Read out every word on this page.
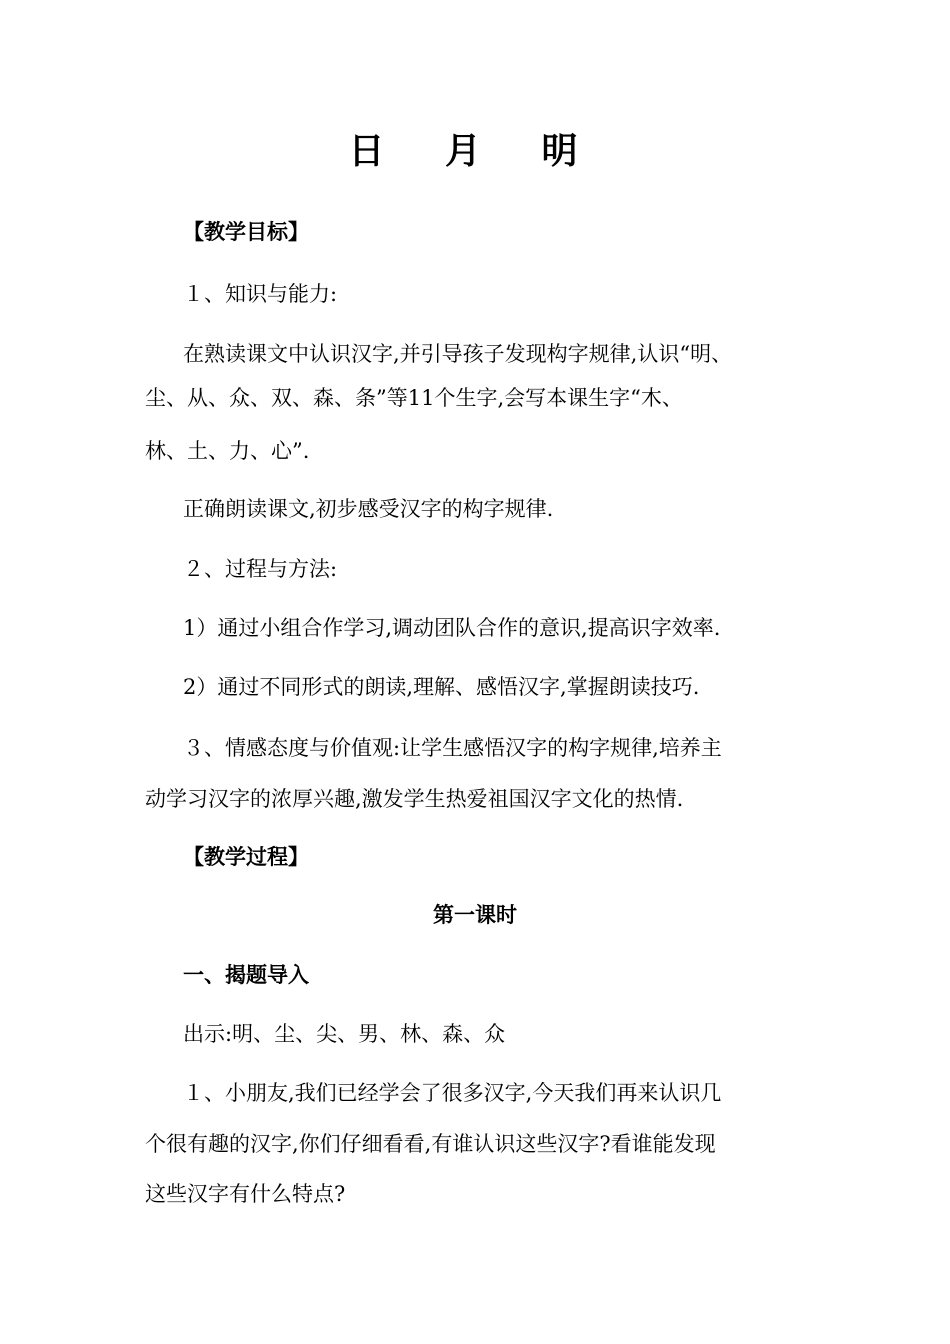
日 月 明
【教学目标】
１、知识与能力:
在熟读课文中认识汉字,并引导孩子发现构字规律,认识“明、
尘、从、众、双、森、条”等11个生字,会写本课生字“木、
林、土、力、心”.
正确朗读课文,初步感受汉字的构字规律.
２、过程与方法:
1）通过小组合作学习,调动团队合作的意识,提高识字效率.
2）通过不同形式的朗读,理解、感悟汉字,掌握朗读技巧.
３、情感态度与价值观:让学生感悟汉字的构字规律,培养主
动学习汉字的浓厚兴趣,激发学生热爱祖国汉字文化的热情.
【教学过程】
第一课时
一、揭题导入
出示:明、尘、尖、男、林、森、众
１、小朋友,我们已经学会了很多汉字,今天我们再来认识几
个很有趣的汉字,你们仔细看看,有谁认识这些汉字?看谁能发现
这些汉字有什么特点?
